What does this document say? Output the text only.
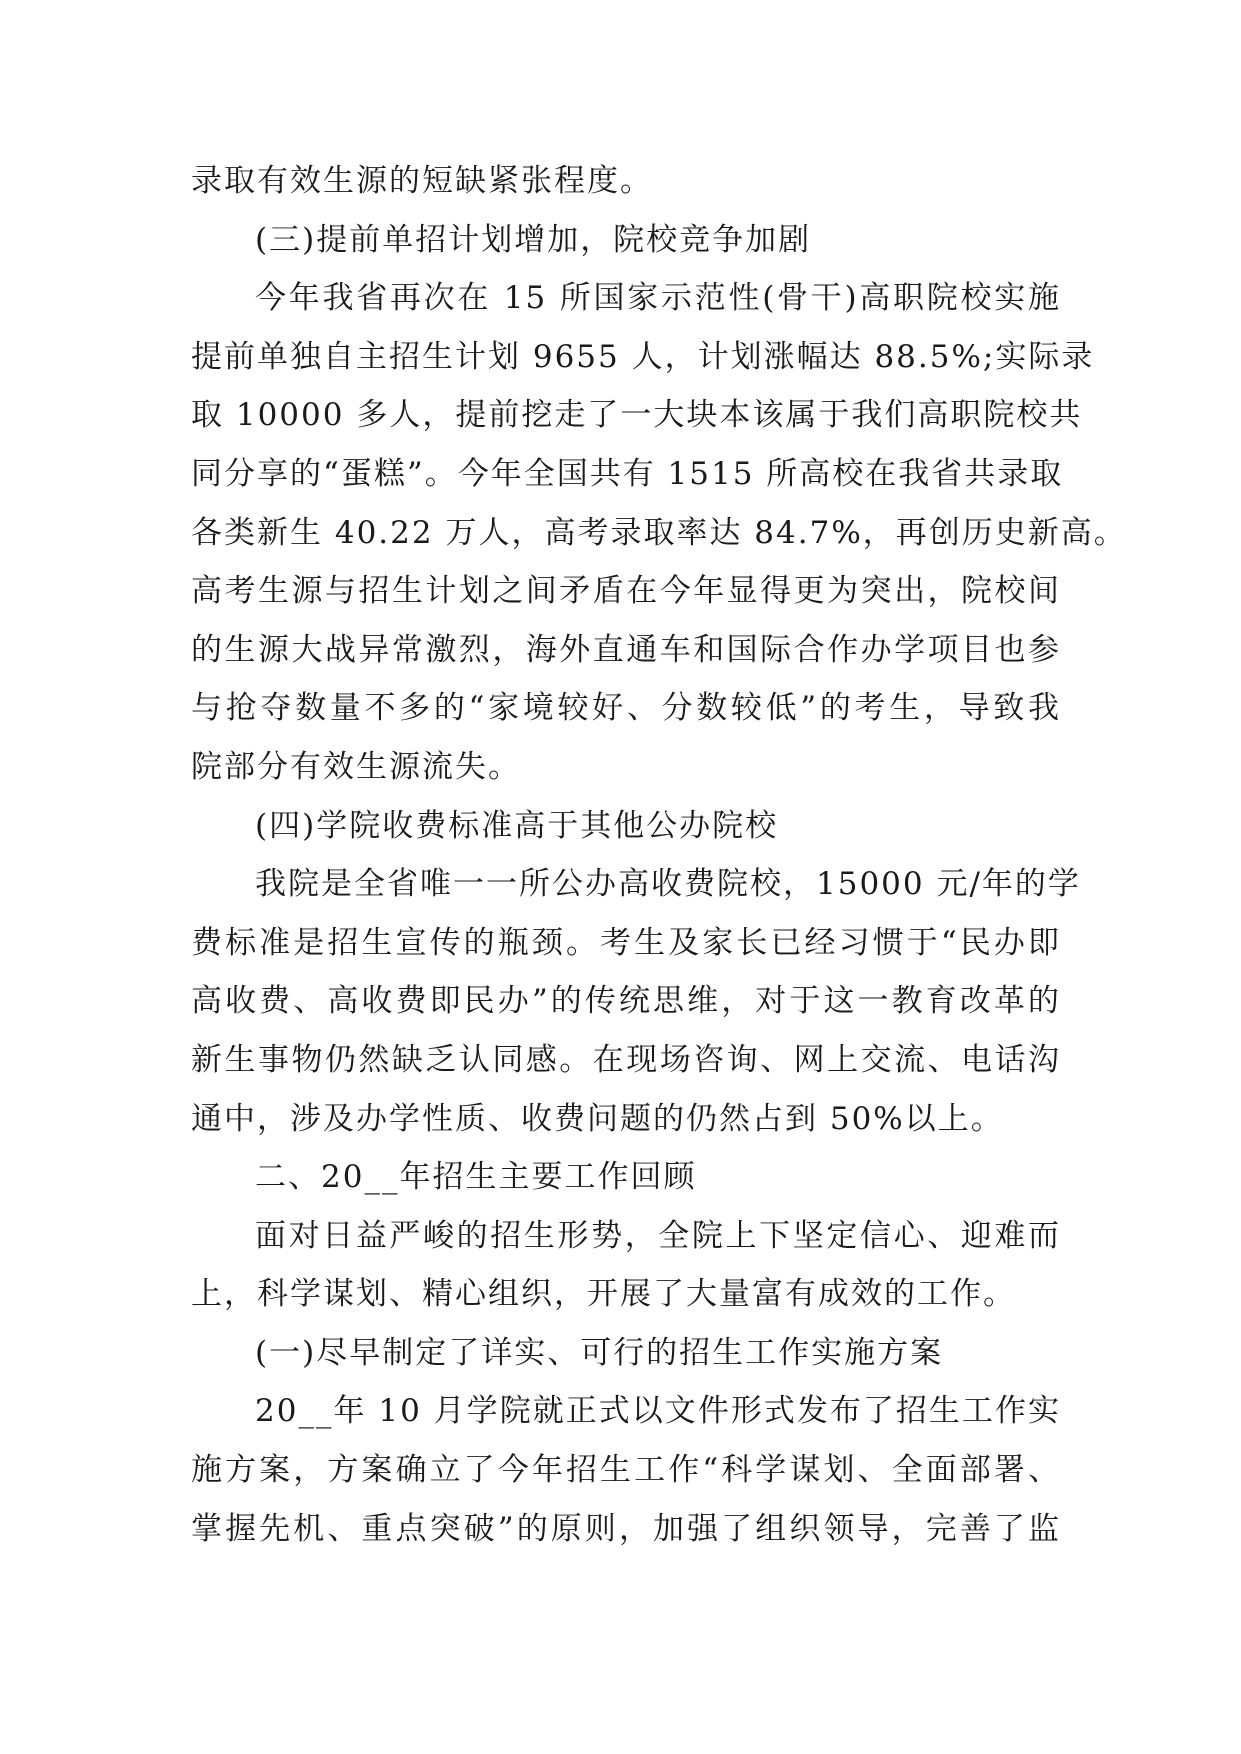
录取有效生源的短缺紧张程度。
(三)提前单招计划增加，院校竞争加剧
今年我省再次在 15 所国家示范性(骨干)高职院校实施
提前单独自主招生计划 9655 人，计划涨幅达 88.5%;实际录
取 10000 多人，提前挖走了一大块本该属于我们高职院校共
同分享的“蛋糕”。今年全国共有 1515 所高校在我省共录取
各类新生 40.22 万人，高考录取率达 84.7%，再创历史新高。
高考生源与招生计划之间矛盾在今年显得更为突出，院校间
的生源大战异常激烈，海外直通车和国际合作办学项目也参
与抢夺数量不多的“家境较好、分数较低”的考生，导致我
院部分有效生源流失。
(四)学院收费标准高于其他公办院校
我院是全省唯一一所公办高收费院校，15000 元/年的学
费标准是招生宣传的瓶颈。考生及家长已经习惯于“民办即
高收费、高收费即民办”的传统思维，对于这一教育改革的
新生事物仍然缺乏认同感。在现场咨询、网上交流、电话沟
通中，涉及办学性质、收费问题的仍然占到 50%以上。
二、20__年招生主要工作回顾
面对日益严峻的招生形势，全院上下坚定信心、迎难而
上，科学谋划、精心组织，开展了大量富有成效的工作。
(一)尽早制定了详实、可行的招生工作实施方案
20__年 10 月学院就正式以文件形式发布了招生工作实
施方案，方案确立了今年招生工作“科学谋划、全面部署、
掌握先机、重点突破”的原则，加强了组织领导，完善了监
